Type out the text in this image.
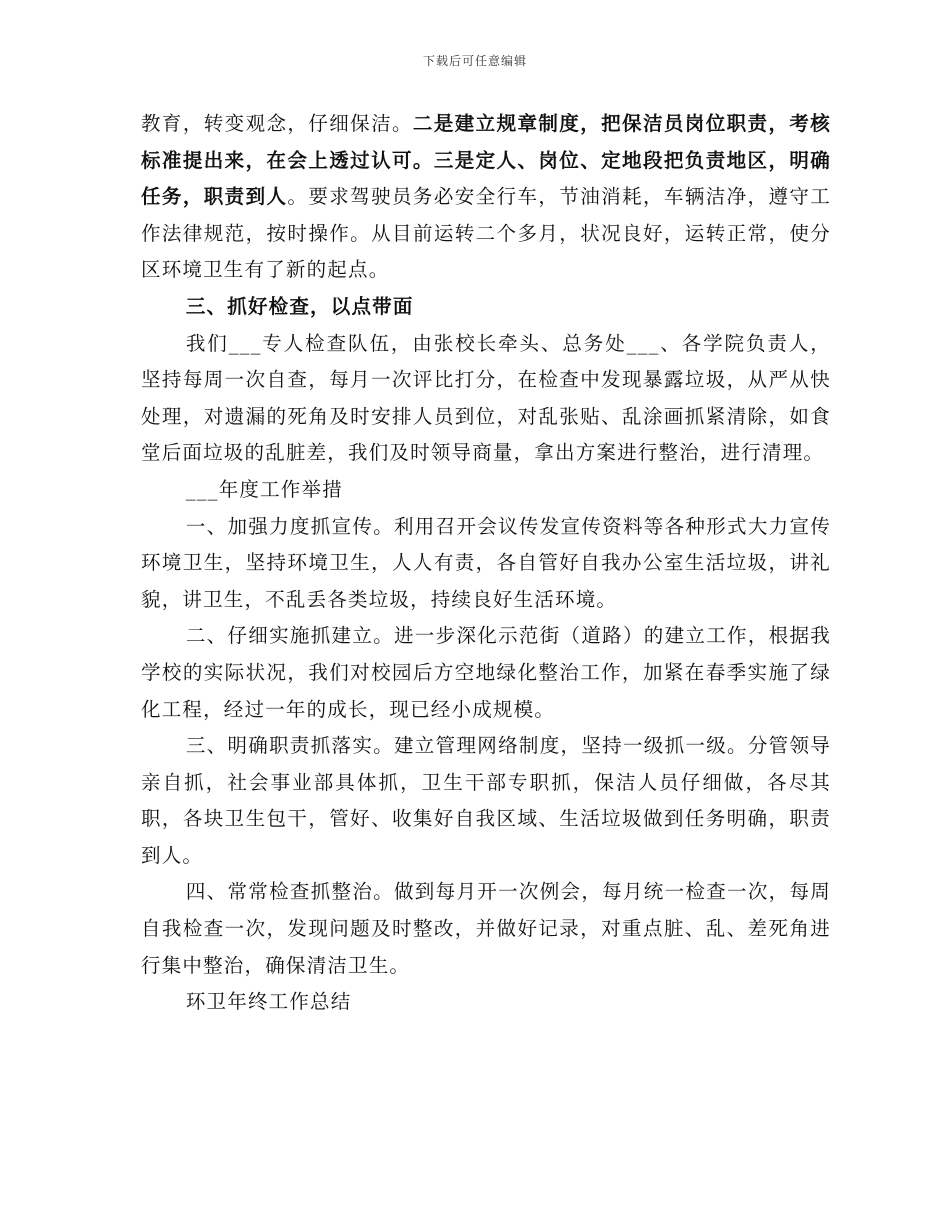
下载后可任意编辑

教育，转变观念，仔细保洁。二是建立规章制度，把保洁员岗位职责，考核标准提出来，在会上透过认可。三是定人、岗位、定地段把负责地区，明确任务，职责到人。要求驾驶员务必安全行车，节油消耗，车辆洁净，遵守工作法律规范，按时操作。从目前运转二个多月，状况良好，运转正常，使分区环境卫生有了新的起点。

三、抓好检查，以点带面

我们___专人检查队伍，由张校长牵头、总务处___、各学院负责人，坚持每周一次自查，每月一次评比打分，在检查中发现暴露垃圾，从严从快处理，对遗漏的死角及时安排人员到位，对乱张贴、乱涂画抓紧清除，如食堂后面垃圾的乱脏差，我们及时领导商量，拿出方案进行整治，进行清理。

___年度工作举措

一、加强力度抓宣传。利用召开会议传发宣传资料等各种形式大力宣传环境卫生，坚持环境卫生，人人有责，各自管好自我办公室生活垃圾，讲礼貌，讲卫生，不乱丢各类垃圾，持续良好生活环境。

二、仔细实施抓建立。进一步深化示范街（道路）的建立工作，根据我学校的实际状况，我们对校园后方空地绿化整治工作，加紧在春季实施了绿化工程，经过一年的成长，现已经小成规模。

三、明确职责抓落实。建立管理网络制度，坚持一级抓一级。分管领导亲自抓，社会事业部具体抓，卫生干部专职抓，保洁人员仔细做，各尽其职，各块卫生包干，管好、收集好自我区域、生活垃圾做到任务明确，职责到人。

四、常常检查抓整治。做到每月开一次例会，每月统一检查一次，每周自我检查一次，发现问题及时整改，并做好记录，对重点脏、乱、差死角进行集中整治，确保清洁卫生。

环卫年终工作总结
